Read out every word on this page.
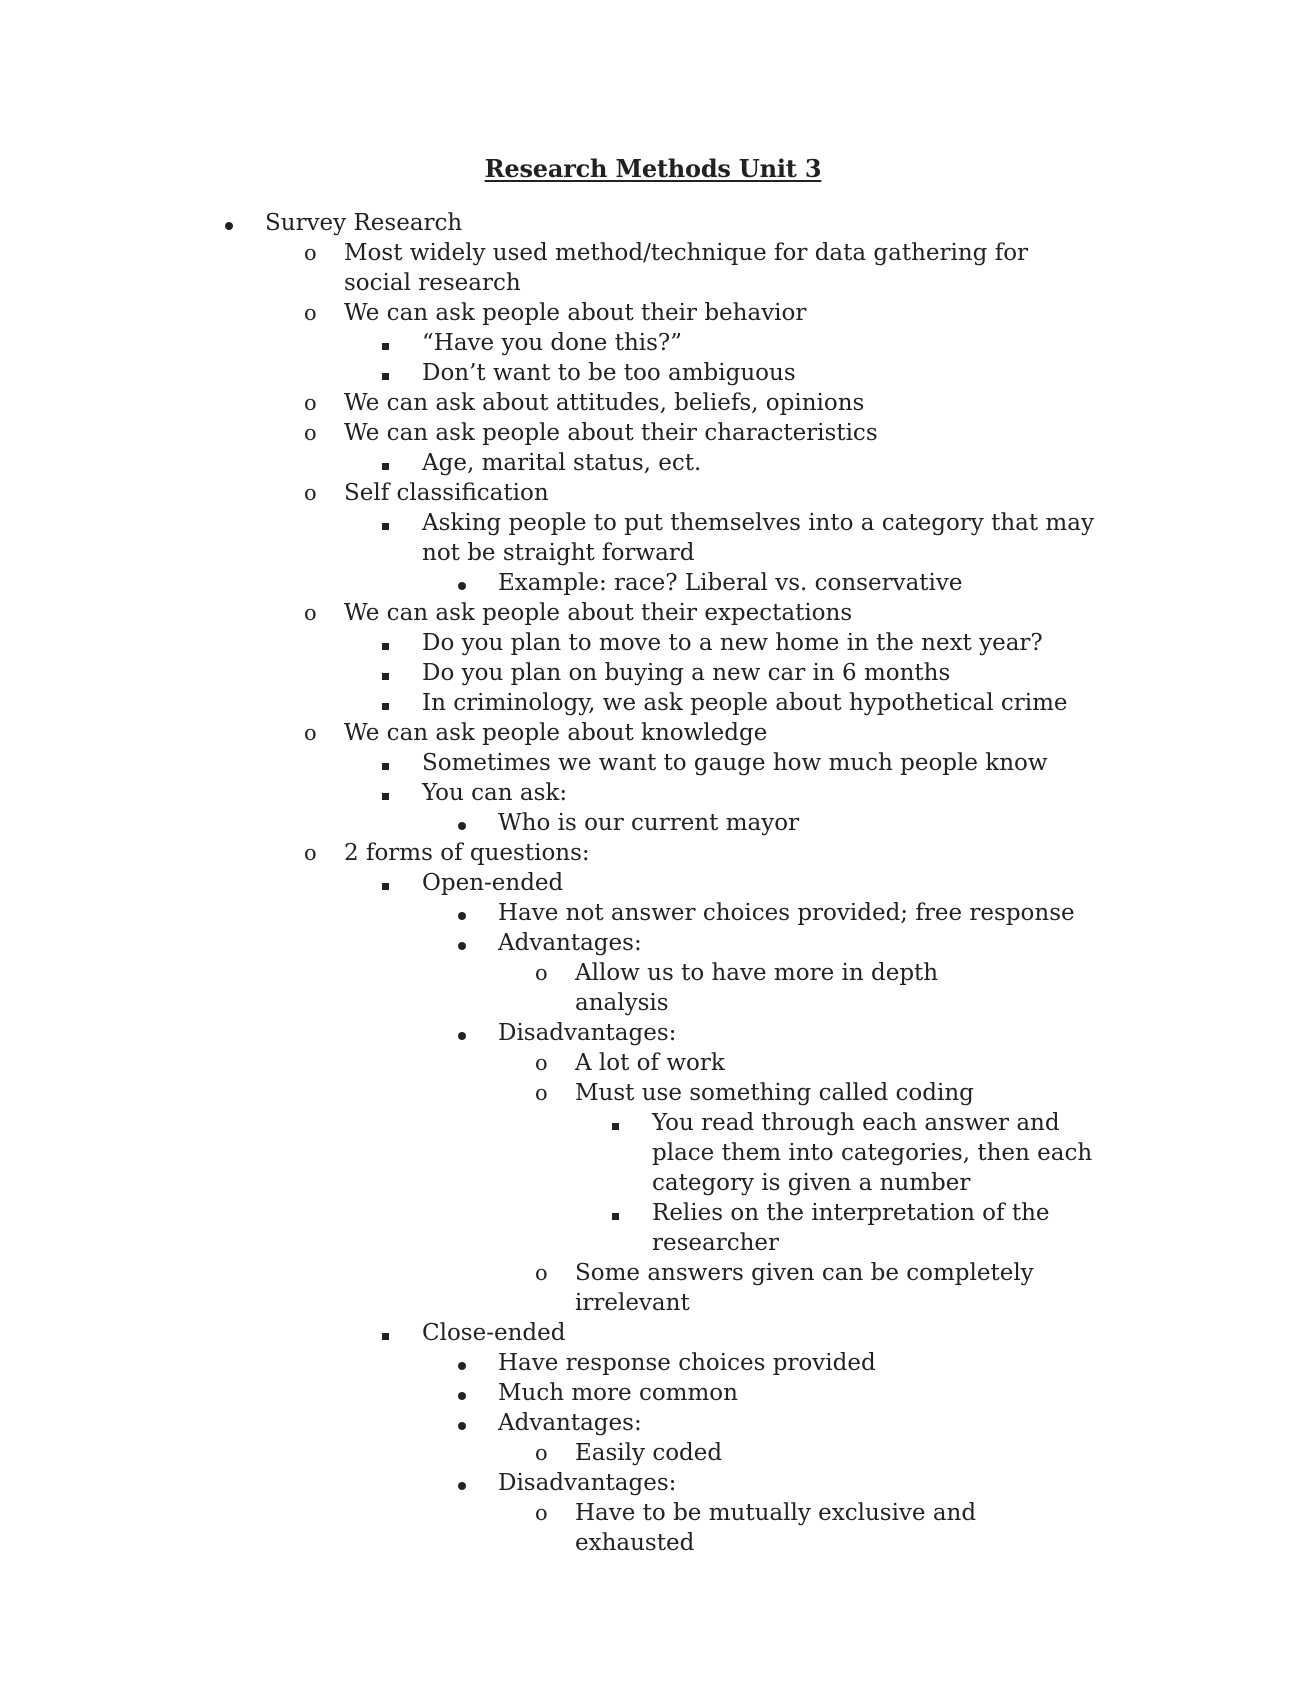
Research Methods Unit 3
Survey Research
o	Most widely used method/technique for data gathering for social research
o	We can ask people about their behavior
“Have you done this?”
Don’t want to be too ambiguous
o	We can ask about attitudes, beliefs, opinions
o	We can ask people about their characteristics
Age, marital status, ect.
o	Self classification
Asking people to put themselves into a category that may not be straight forward
Example: race? Liberal vs. conservative
o	We can ask people about their expectations
Do you plan to move to a new home in the next year?
Do you plan on buying a new car in 6 months
In criminology, we ask people about hypothetical crime
o	We can ask people about knowledge
Sometimes we want to gauge how much people know
You can ask:
Who is our current mayor
o	2 forms of questions:
Open-ended
Have not answer choices provided; free response
Advantages:
o	Allow us to have more in depth analysis
Disadvantages:
o	A lot of work
o	Must use something called coding
You read through each answer and place them into categories, then each category is given a number
Relies on the interpretation of the researcher
o	Some answers given can be completely irrelevant
Close-ended
Have response choices provided
Much more common
Advantages:
o	Easily coded
Disadvantages:
o	Have to be mutually exclusive and exhausted
